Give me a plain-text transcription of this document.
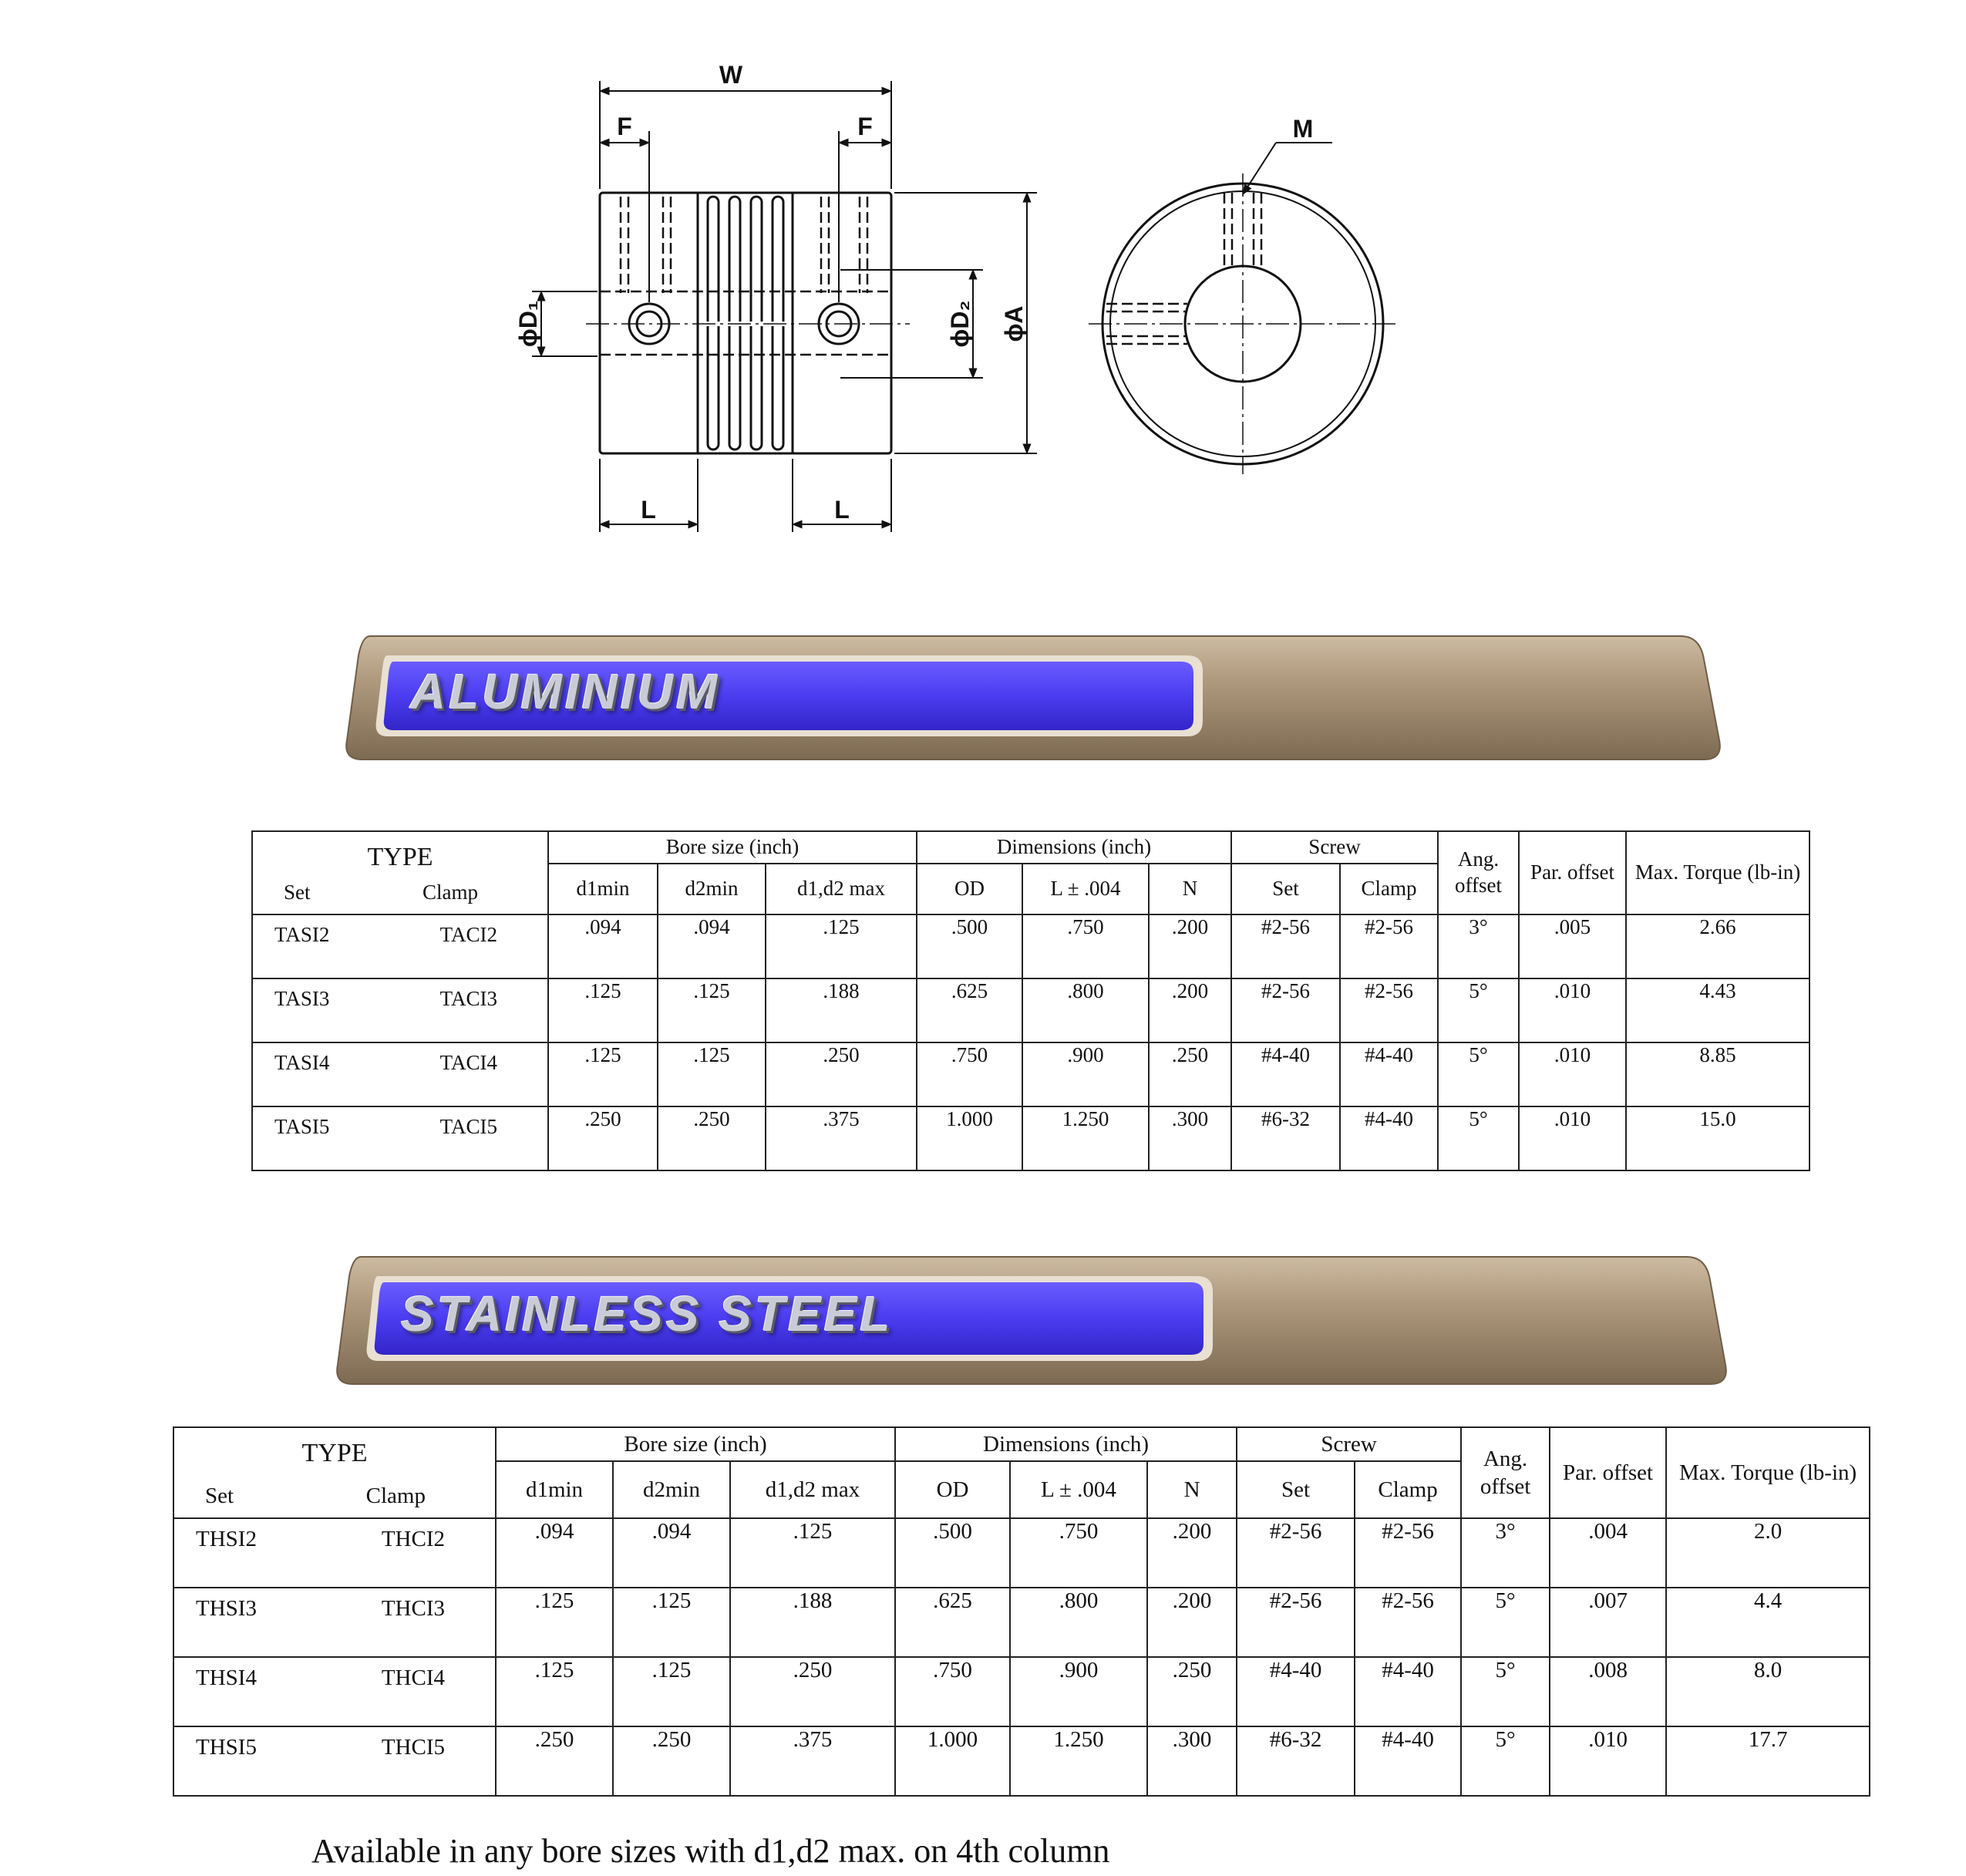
W
F	F
L	L
ϕD₁	ϕD₂ ϕA
M
ALUMINIUM
TYPE
Set Clamp	Bore size (inch)			Dimensions (inch)			Screw		Ang. offset	Par. offset	Max. Torque (lb-in)
	d1min	d2min	d1,d2 max	OD	L ± .004	N	Set	Clamp			

TASI2 TACI2	.094	.094	.125	.500	.750	.200	#2-56	#2-56	3°	.005	2.66

TASI3 TACI3	.125	.125	.188	.625	.800	.200	#2-56	#2-56	5°	.010	4.43

TASI4 TACI4	.125	.125	.250	.750	.900	.250	#4-40	#4-40	5°	.010	8.85

TASI5 TACI5	.250	.250	.375	1.000	1.250	.300	#6-32	#4-40	5°	.010	15.0
STAINLESS STEEL
TYPE
Set Clamp	Bore size (inch)			Dimensions (inch)			Screw		Ang. offset	Par. offset	Max. Torque (lb-in)
	d1min	d2min	d1,d2 max	OD	L ± .004	N	Set	Clamp			

THSI2 THCI2	.094	.094	.125	.500	.750	.200	#2-56	#2-56	3°	.004	2.0

THSI3 THCI3	.125	.125	.188	.625	.800	.200	#2-56	#2-56	5°	.007	4.4

THSI4 THCI4	.125	.125	.250	.750	.900	.250	#4-40	#4-40	5°	.008	8.0

THSI5 THCI5	.250	.250	.375	1.000	1.250	.300	#6-32	#4-40	5°	.010	17.7
Available in any bore sizes with d1,d2 max. on 4th column
